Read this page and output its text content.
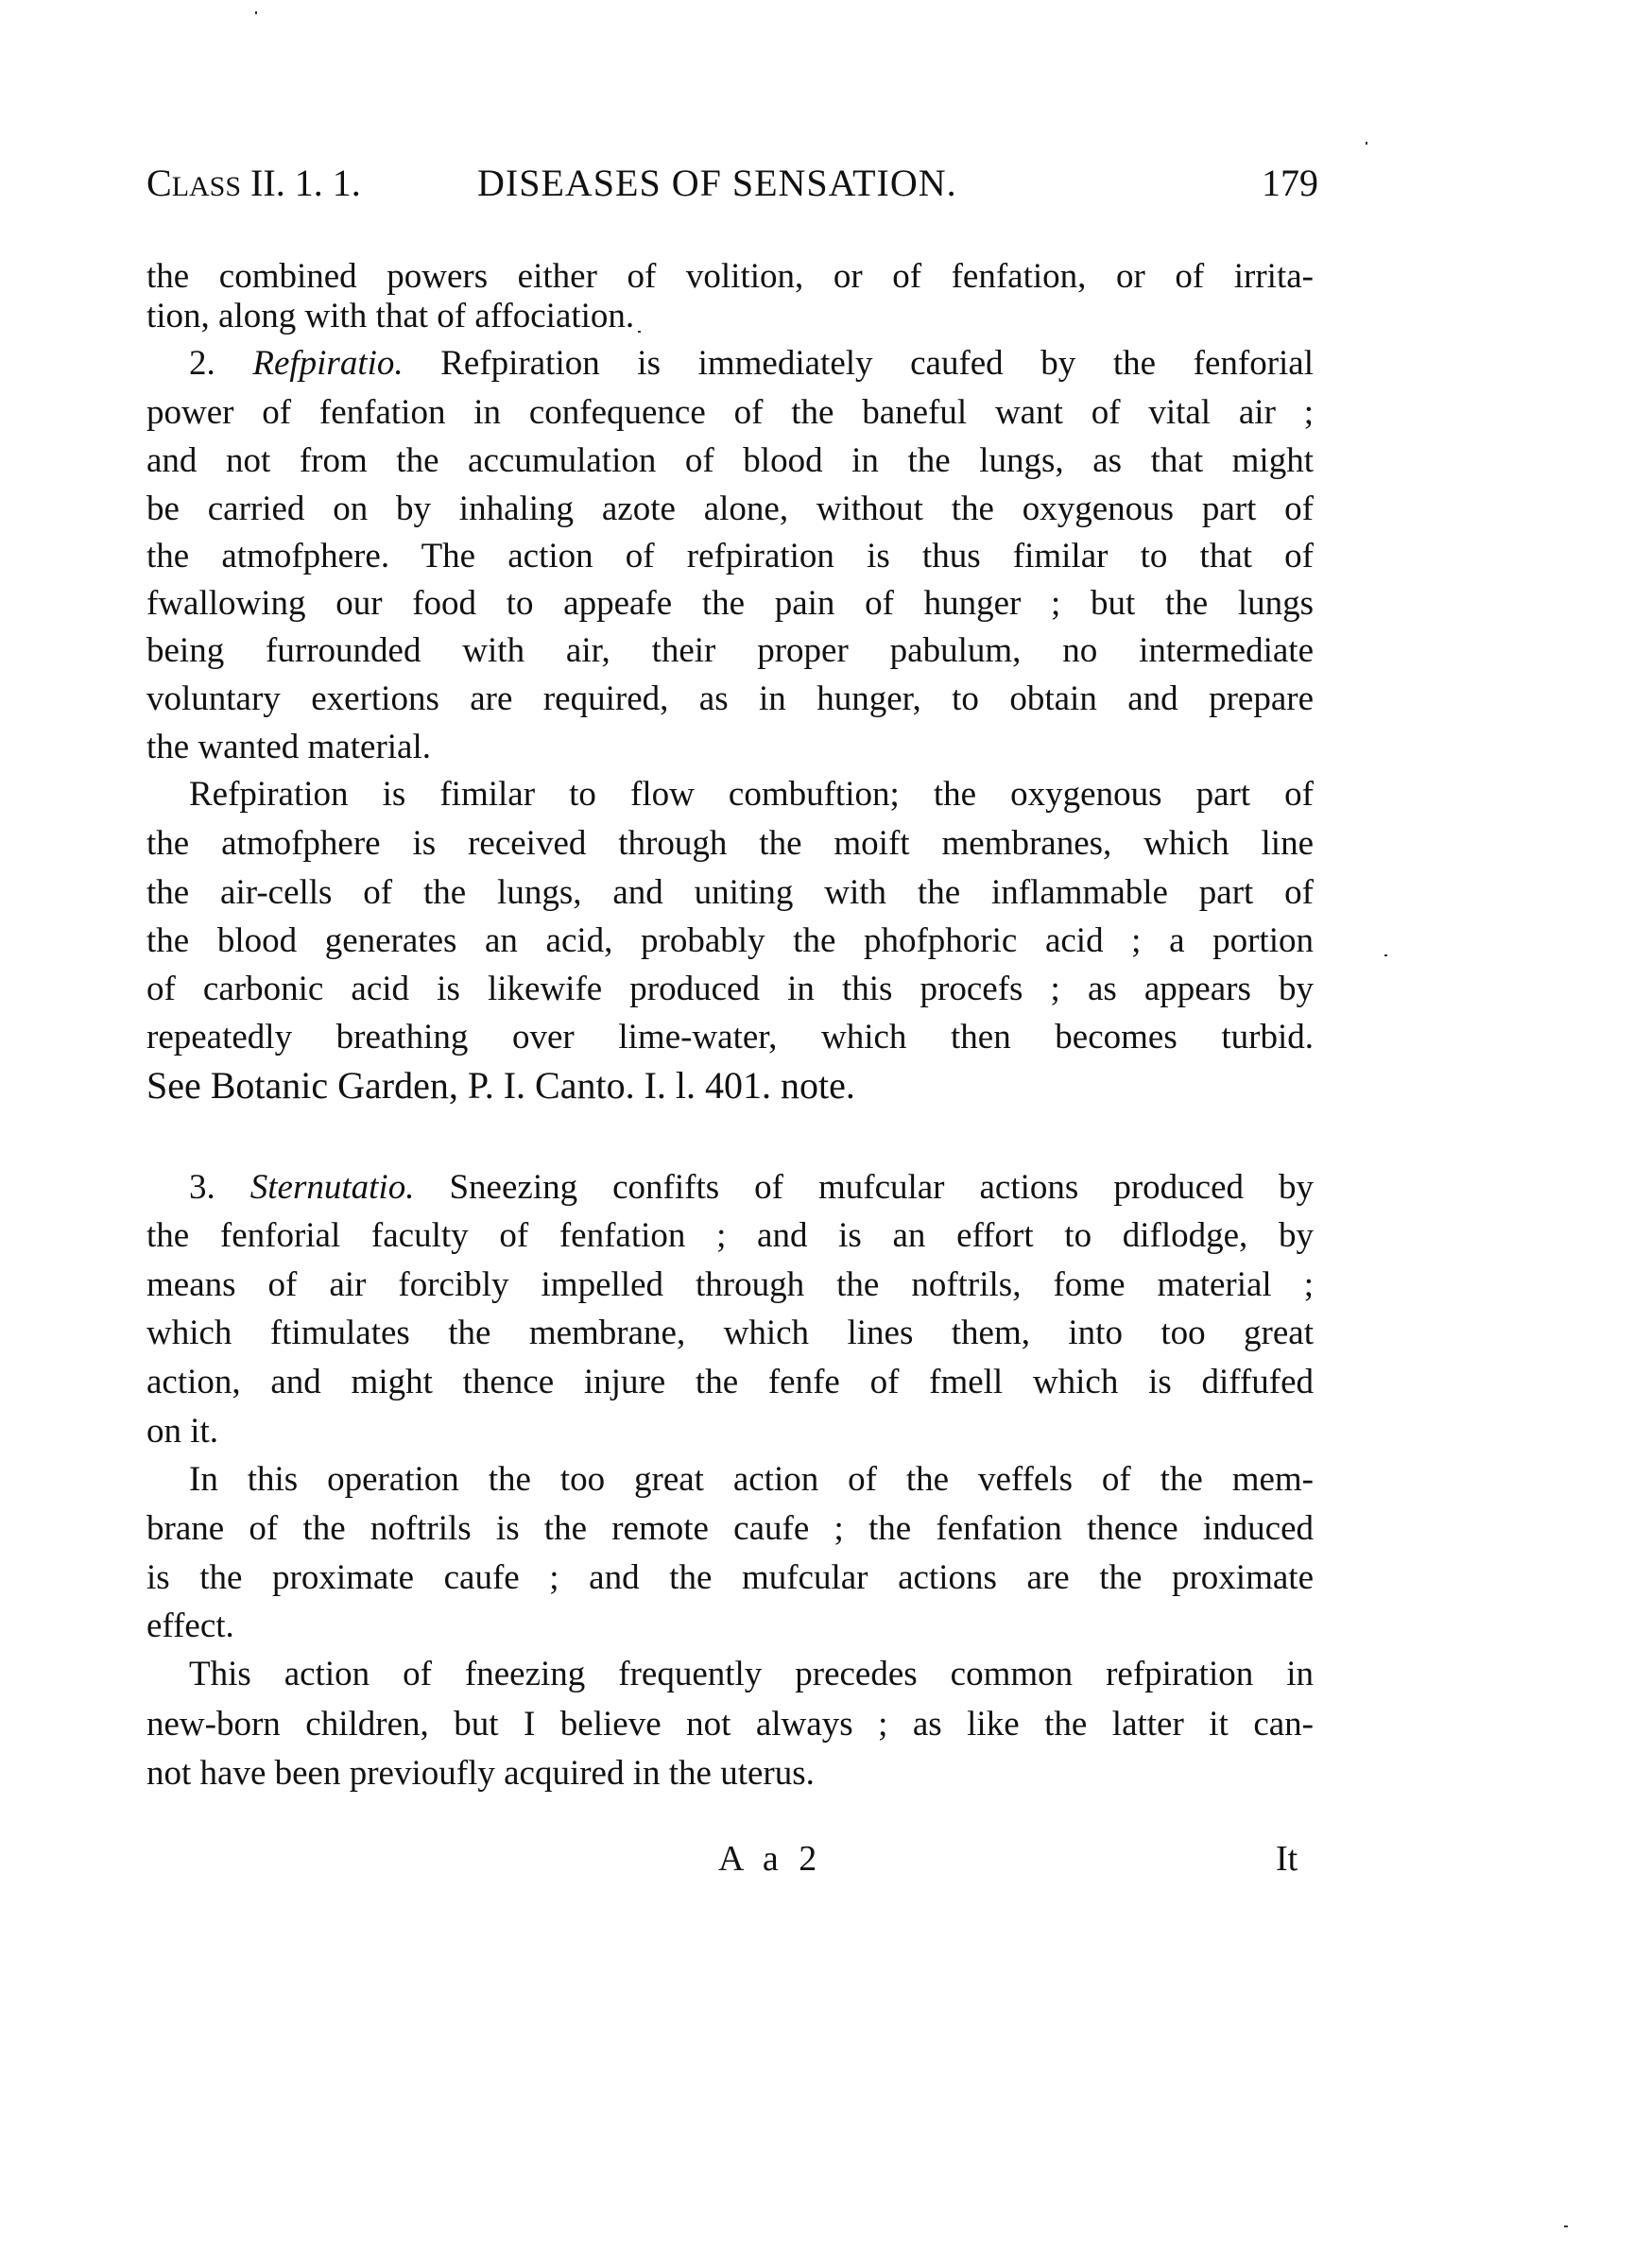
CLASS II. 1. 1.	DISEASES OF SENSATION.	179
the combined powers either of volition, or of fenfation, or of irrita-
tion, along with that of affociation.
2. Refpiratio. Refpiration is immediately caufed by the fenforial
power of fenfation in confequence of the baneful want of vital air ;
and not from the accumulation of blood in the lungs, as that might
be carried on by inhaling azote alone, without the oxygenous part of
the atmofphere. The action of refpiration is thus fimilar to that of
fwallowing our food to appeafe the pain of hunger ; but the lungs
being furrounded with air, their proper pabulum, no intermediate
voluntary exertions are required, as in hunger, to obtain and prepare
the wanted material.
Refpiration is fimilar to flow combuftion; the oxygenous part of
the atmofphere is received through the moift membranes, which line
the air-cells of the lungs, and uniting with the inflammable part of
the blood generates an acid, probably the phofphoric acid ; a portion
of carbonic acid is likewife produced in this procefs ; as appears by
repeatedly breathing over lime-water, which then becomes turbid.
See Botanic Garden, P. I. Canto. I. l. 401. note.
3. Sternutatio. Sneezing confifts of mufcular actions produced by
the fenforial faculty of fenfation ; and is an effort to diflodge, by
means of air forcibly impelled through the noftrils, fome material ;
which ftimulates the membrane, which lines them, into too great
action, and might thence injure the fenfe of fmell which is diffufed
on it.
In this operation the too great action of the veffels of the mem-
brane of the noftrils is the remote caufe ; the fenfation thence induced
is the proximate caufe ; and the mufcular actions are the proximate
effect.
This action of fneezing frequently precedes common refpiration in
new-born children, but I believe not always ; as like the latter it can-
not have been previoufly acquired in the uterus.
A a 2	It
